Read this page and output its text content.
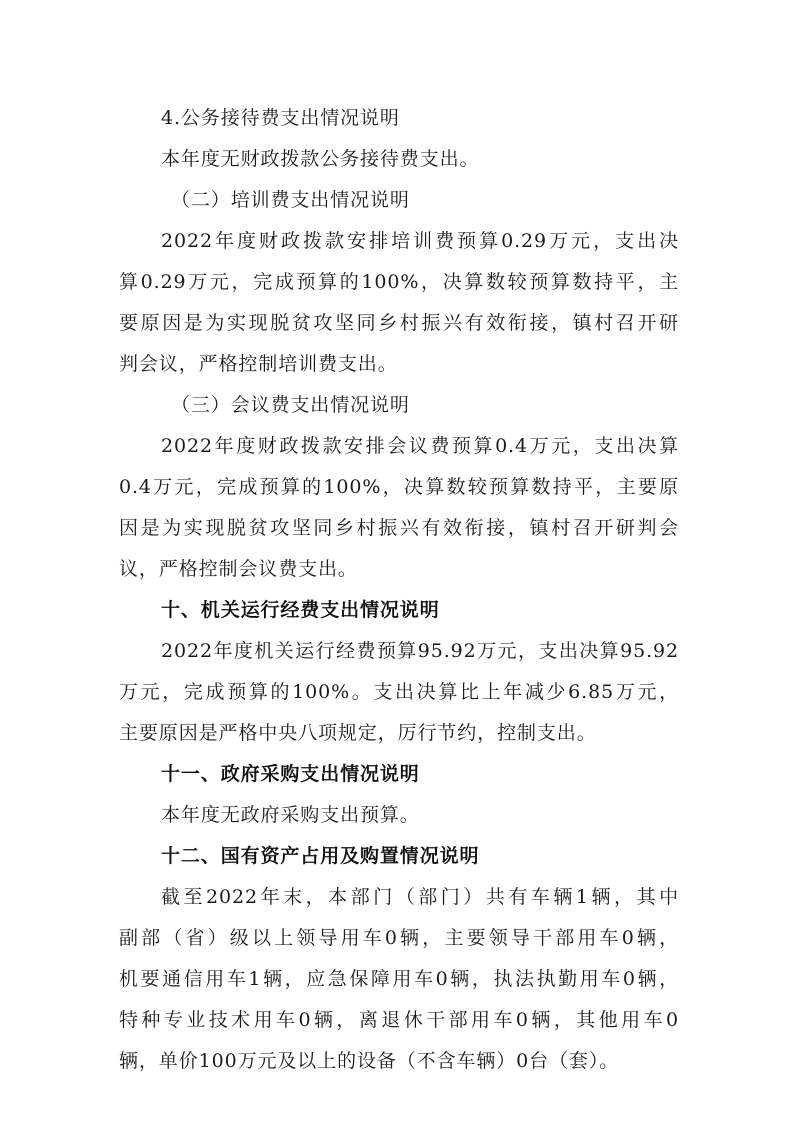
4.公务接待费支出情况说明
本年度无财政拨款公务接待费支出。
（二）培训费支出情况说明
2022年度财政拨款安排培训费预算0.29万元，支出决
算0.29万元，完成预算的100%，决算数较预算数持平，主
要原因是为实现脱贫攻坚同乡村振兴有效衔接，镇村召开研
判会议，严格控制培训费支出。
（三）会议费支出情况说明
2022年度财政拨款安排会议费预算0.4万元，支出决算
0.4万元，完成预算的100%，决算数较预算数持平，主要原
因是为实现脱贫攻坚同乡村振兴有效衔接，镇村召开研判会
议，严格控制会议费支出。
十、机关运行经费支出情况说明
2022年度机关运行经费预算95.92万元，支出决算95.92
万元，完成预算的100%。支出决算比上年减少6.85万元，
主要原因是严格中央八项规定，厉行节约，控制支出。
十一、政府采购支出情况说明
本年度无政府采购支出预算。
十二、国有资产占用及购置情况说明
截至2022年末，本部门（部门）共有车辆1辆，其中
副部（省）级以上领导用车0辆，主要领导干部用车0辆，
机要通信用车1辆，应急保障用车0辆，执法执勤用车0辆，
特种专业技术用车0辆，离退休干部用车0辆，其他用车0
辆，单价100万元及以上的设备（不含车辆）0台（套）。
